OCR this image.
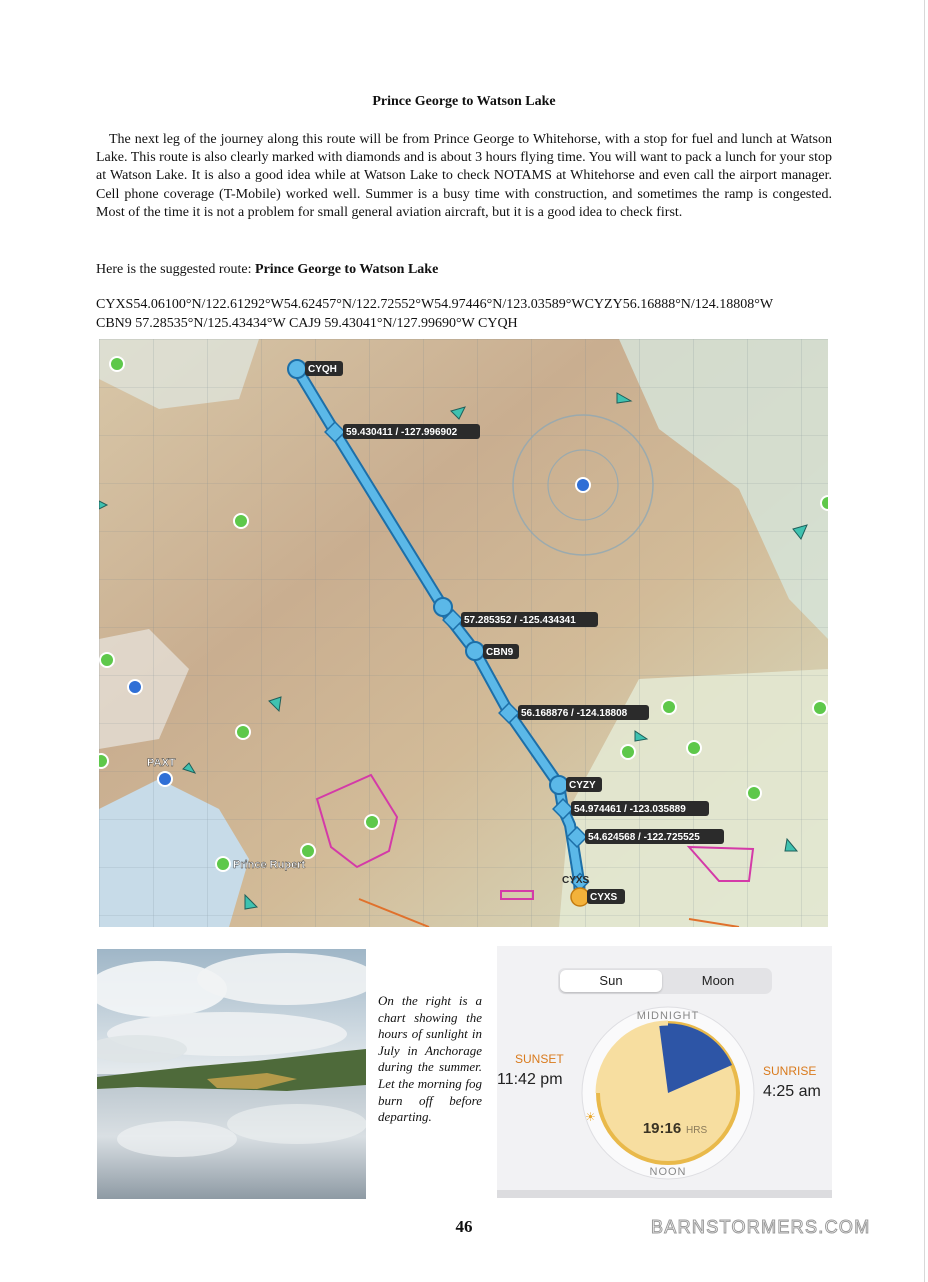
Prince George to Watson Lake

The next leg of the journey along this route will be from Prince George to Whitehorse, with a stop for fuel and lunch at Watson Lake. This route is also clearly marked with diamonds and is about 3 hours flying time. You will want to pack a lunch for your stop at Watson Lake. It is also a good idea while at Watson Lake to check NOTAMS at Whitehorse and even call the airport manager. Cell phone coverage (T-Mobile) worked well. Summer is a busy time with construction, and sometimes the ramp is congested. Most of the time it is not a problem for small general aviation aircraft, but it is a good idea to check first.

Here is the suggested route: Prince George to Watson Lake

CYXS54.06100°N/122.61292°W54.62457°N/122.72552°W54.97446°N/123.03589°WCYZY56.16888°N/124.18808°W
CBN9 57.28535°N/125.43434°W CAJ9 59.43041°N/127.99690°W CYQH

CYQH
59.430411 / -127.996902
57.285352 / -125.434341
CBN9
56.168876 / -124.18808
CYZY
54.974461 / -123.035889
54.624568 / -122.725525
CYXS
CYXS
PAXT
Prince Rupert

On the right is a chart showing the hours of sunlight in July in Anchorage during the summer. Let the morning fog burn off before departing.

Sun	Moon
MIDNIGHT
NOON
19:16 HRS
☀
SUNSET
11:42 pm	SUNRISE
4:25 am
46	BARNSTORMERS.COM
